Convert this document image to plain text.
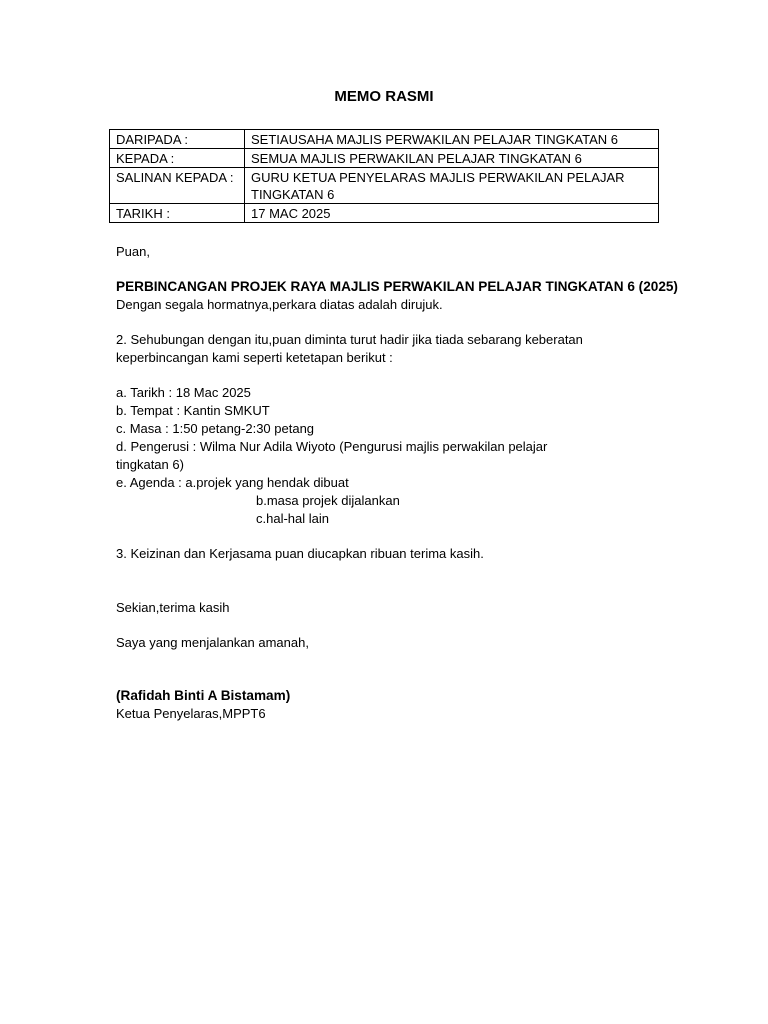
MEMO RASMI
DARIPADA :	SETIAUSAHA MAJLIS PERWAKILAN PELAJAR TINGKATAN 6
KEPADA :	SEMUA MAJLIS PERWAKILAN PELAJAR TINGKATAN 6
SALINAN KEPADA :	GURU KETUA PENYELARAS MAJLIS PERWAKILAN PELAJAR TINGKATAN 6
TARIKH :	17 MAC 2025
Puan,
PERBINCANGAN PROJEK RAYA MAJLIS PERWAKILAN PELAJAR TINGKATAN 6 (2025)
Dengan segala hormatnya,perkara diatas adalah dirujuk.
2. Sehubungan dengan itu,puan diminta turut hadir jika tiada sebarang keberatan
keperbincangan kami seperti ketetapan berikut :
a. Tarikh : 18 Mac 2025
b. Tempat : Kantin SMKUT
c. Masa : 1:50 petang-2:30 petang
d. Pengerusi : Wilma Nur Adila Wiyoto (Pengurusi majlis perwakilan pelajar
tingkatan 6)
e. Agenda : a.projek yang hendak dibuat
b.masa projek dijalankan
c.hal-hal lain
3. Keizinan dan Kerjasama puan diucapkan ribuan terima kasih.
Sekian,terima kasih
Saya yang menjalankan amanah,
(Rafidah Binti A Bistamam)
Ketua Penyelaras,MPPT6
